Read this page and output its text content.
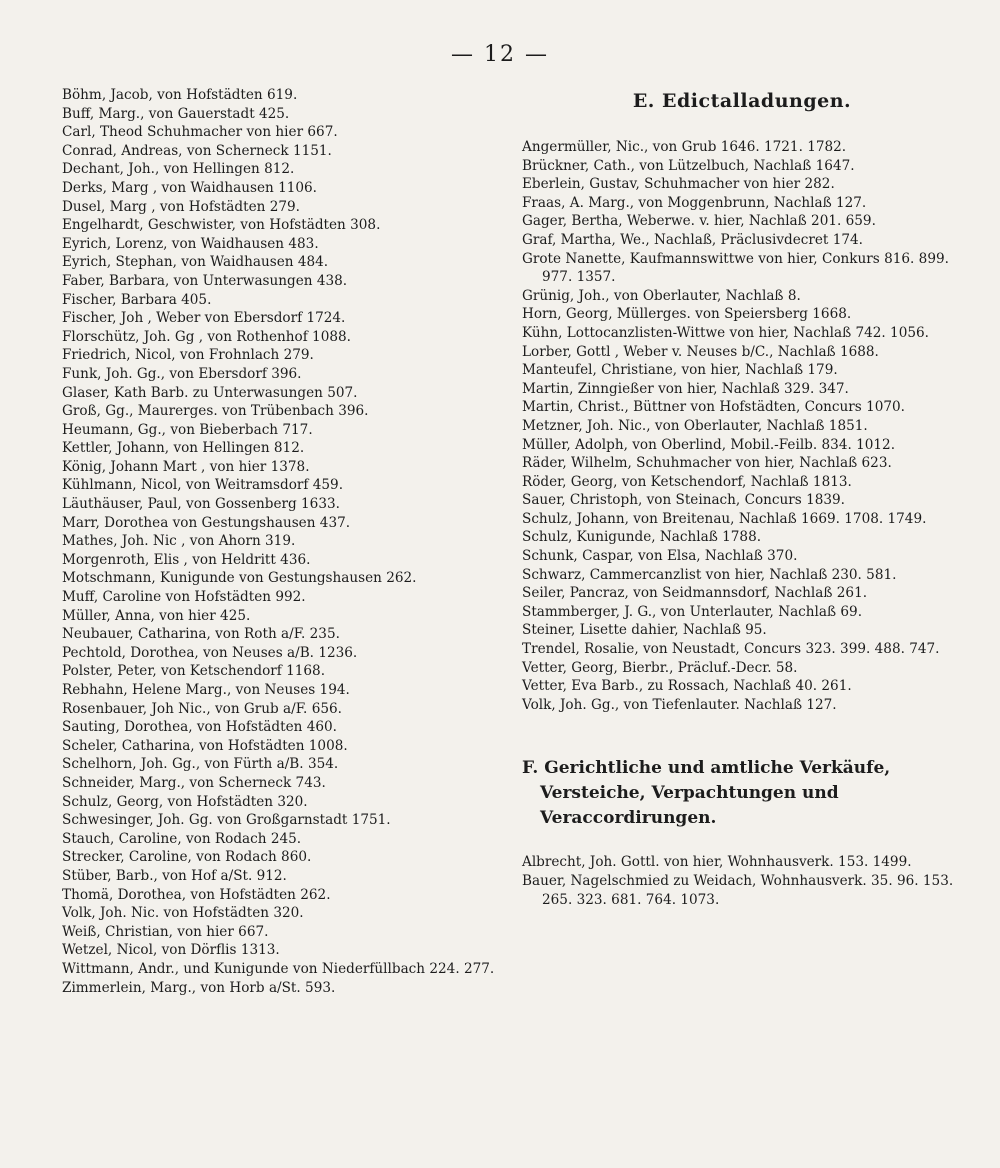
— 12 —

Böhm, Jacob, von Hofstädten 619.

Buff, Marg., von Gauerstadt 425.

Carl, Theod Schuhmacher von hier 667.

Conrad, Andreas, von Scherneck 1151.

Dechant, Joh., von Hellingen 812.

Derks, Marg , von Waidhausen 1106.

Dusel, Marg , von Hofstädten 279.

Engelhardt, Geschwister, von Hofstädten 308.

Eyrich, Lorenz, von Waidhausen 483.

Eyrich, Stephan, von Waidhausen 484.

Faber, Barbara, von Unterwasungen 438.

Fischer, Barbara 405.

Fischer, Joh , Weber von Ebersdorf 1724.

Florschütz, Joh. Gg , von Rothenhof 1088.

Friedrich, Nicol, von Frohnlach 279.

Funk, Joh. Gg., von Ebersdorf 396.

Glaser, Kath Barb. zu Unterwasungen 507.

Groß, Gg., Maurerges. von Trübenbach 396.

Heumann, Gg., von Bieberbach 717.

Kettler, Johann, von Hellingen 812.

König, Johann Mart , von hier 1378.

Kühlmann, Nicol, von Weitramsdorf 459.

Läuthäuser, Paul, von Gossenberg 1633.

Marr, Dorothea von Gestungshausen 437.

Mathes, Joh. Nic , von Ahorn 319.

Morgenroth, Elis , von Heldritt 436.

Motschmann, Kunigunde von Gestungshausen 262.

Muff, Caroline von Hofstädten 992.

Müller, Anna, von hier 425.

Neubauer, Catharina, von Roth a/F. 235.

Pechtold, Dorothea, von Neuses a/B. 1236.

Polster, Peter, von Ketschendorf 1168.

Rebhahn, Helene Marg., von Neuses 194.

Rosenbauer, Joh Nic., von Grub a/F. 656.

Sauting, Dorothea, von Hofstädten 460.

Scheler, Catharina, von Hofstädten 1008.

Schelhorn, Joh. Gg., von Fürth a/B. 354.

Schneider, Marg., von Scherneck 743.

Schulz, Georg, von Hofstädten 320.

Schwesinger, Joh. Gg. von Großgarnstadt 1751.

Stauch, Caroline, von Rodach 245.

Strecker, Caroline, von Rodach 860.

Stüber, Barb., von Hof a/St. 912.

Thomä, Dorothea, von Hofstädten 262.

Volk, Joh. Nic. von Hofstädten 320.

Weiß, Christian, von hier 667.

Wetzel, Nicol, von Dörflis 1313.

Wittmann, Andr., und Kunigunde von Niederfüllbach 224. 277.

Zimmerlein, Marg., von Horb a/St. 593.

E. Edictalladungen.

Angermüller, Nic., von Grub 1646. 1721. 1782.

Brückner, Cath., von Lützelbuch, Nachlaß 1647.

Eberlein, Gustav, Schuhmacher von hier 282.

Fraas, A. Marg., von Moggenbrunn, Nachlaß 127.

Gager, Bertha, Weberwe. v. hier, Nachlaß 201. 659.

Graf, Martha, We., Nachlaß, Präclusivdecret 174.

Grote Nanette, Kaufmannswittwe von hier, Conkurs 816. 899. 977. 1357.

Grünig, Joh., von Oberlauter, Nachlaß 8.

Horn, Georg, Müllerges. von Speiersberg 1668.

Kühn, Lottocanzlisten-Wittwe von hier, Nachlaß 742. 1056.

Lorber, Gottl , Weber v. Neuses b/C., Nachlaß 1688.

Manteufel, Christiane, von hier, Nachlaß 179.

Martin, Zinngießer von hier, Nachlaß 329. 347.

Martin, Christ., Büttner von Hofstädten, Concurs 1070.

Metzner, Joh. Nic., von Oberlauter, Nachlaß 1851.

Müller, Adolph, von Oberlind, Mobil.-Feilb. 834. 1012.

Räder, Wilhelm, Schuhmacher von hier, Nachlaß 623.

Röder, Georg, von Ketschendorf, Nachlaß 1813.

Sauer, Christoph, von Steinach, Concurs 1839.

Schulz, Johann, von Breitenau, Nachlaß 1669. 1708. 1749.

Schulz, Kunigunde, Nachlaß 1788.

Schunk, Caspar, von Elsa, Nachlaß 370.

Schwarz, Cammercanzlist von hier, Nachlaß 230. 581.

Seiler, Pancraz, von Seidmannsdorf, Nachlaß 261.

Stammberger, J. G., von Unterlauter, Nachlaß 69.

Steiner, Lisette dahier, Nachlaß 95.

Trendel, Rosalie, von Neustadt, Concurs 323. 399. 488. 747.

Vetter, Georg, Bierbr., Präcluf.-Decr. 58.

Vetter, Eva Barb., zu Rossach, Nachlaß 40. 261.

Volk, Joh. Gg., von Tiefenlauter. Nachlaß 127.

F. Gerichtliche und amtliche Verkäufe, Versteiche, Verpachtungen und Veraccordirungen.

Albrecht, Joh. Gottl. von hier, Wohnhausverk. 153. 1499.

Bauer, Nagelschmied zu Weidach, Wohnhausverk. 35. 96. 153. 265. 323. 681. 764. 1073.
